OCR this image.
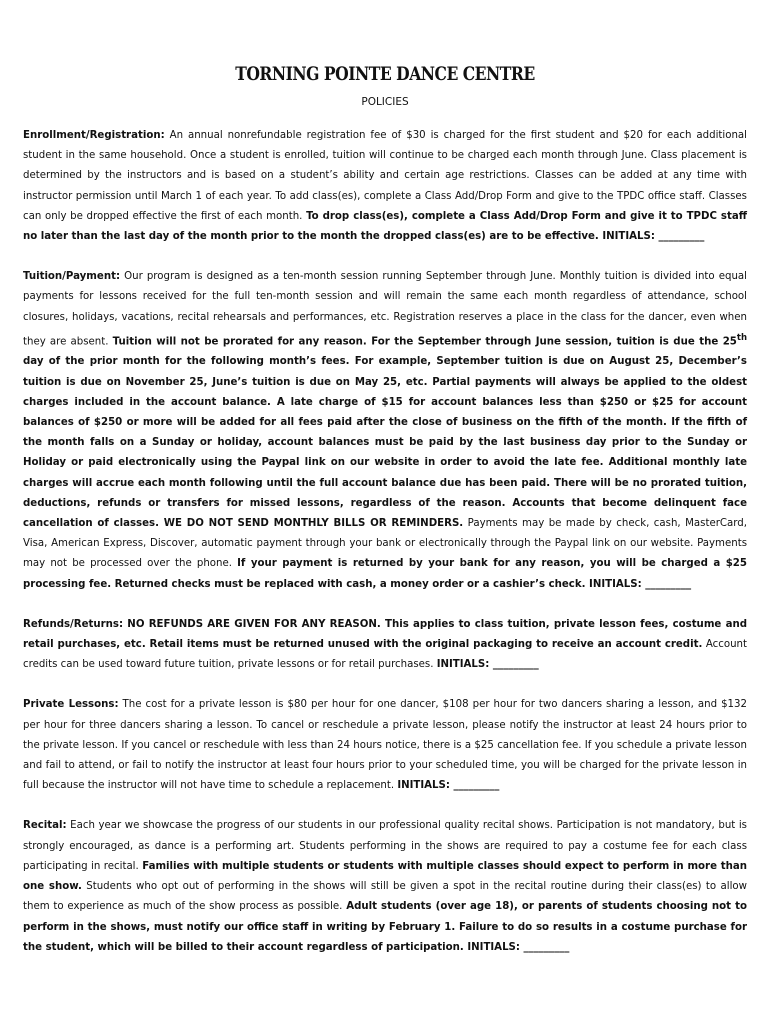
TORNING POINTE DANCE CENTRE
POLICIES

Enrollment/Registration: An annual nonrefundable registration fee of $30 is charged for the first student and $20 for each additional student in the same household. Once a student is enrolled, tuition will continue to be charged each month through June. Class placement is determined by the instructors and is based on a student’s ability and certain age restrictions. Classes can be added at any time with instructor permission until March 1 of each year. To add class(es), complete a Class Add/Drop Form and give to the TPDC office staff. Classes can only be dropped effective the first of each month. To drop class(es), complete a Class Add/Drop Form and give it to TPDC staff no later than the last day of the month prior to the month the dropped class(es) are to be effective. INITIALS: _________

Tuition/Payment: Our program is designed as a ten-month session running September through June. Monthly tuition is divided into equal payments for lessons received for the full ten-month session and will remain the same each month regardless of attendance, school closures, holidays, vacations, recital rehearsals and performances, etc. Registration reserves a place in the class for the dancer, even when they are absent. Tuition will not be prorated for any reason. For the September through June session, tuition is due the 25th day of the prior month for the following month’s fees. For example, September tuition is due on August 25, December’s tuition is due on November 25, June’s tuition is due on May 25, etc. Partial payments will always be applied to the oldest charges included in the account balance. A late charge of $15 for account balances less than $250 or $25 for account balances of $250 or more will be added for all fees paid after the close of business on the fifth of the month. If the fifth of the month falls on a Sunday or holiday, account balances must be paid by the last business day prior to the Sunday or Holiday or paid electronically using the Paypal link on our website in order to avoid the late fee. Additional monthly late charges will accrue each month following until the full account balance due has been paid. There will be no prorated tuition, deductions, refunds or transfers for missed lessons, regardless of the reason. Accounts that become delinquent face cancellation of classes. WE DO NOT SEND MONTHLY BILLS OR REMINDERS. Payments may be made by check, cash, MasterCard, Visa, American Express, Discover, automatic payment through your bank or electronically through the Paypal link on our website. Payments may not be processed over the phone. If your payment is returned by your bank for any reason, you will be charged a $25 processing fee. Returned checks must be replaced with cash, a money order or a cashier’s check. INITIALS: _________

Refunds/Returns: NO REFUNDS ARE GIVEN FOR ANY REASON. This applies to class tuition, private lesson fees, costume and retail purchases, etc. Retail items must be returned unused with the original packaging to receive an account credit. Account credits can be used toward future tuition, private lessons or for retail purchases. INITIALS: _________

Private Lessons: The cost for a private lesson is $80 per hour for one dancer, $108 per hour for two dancers sharing a lesson, and $132 per hour for three dancers sharing a lesson. To cancel or reschedule a private lesson, please notify the instructor at least 24 hours prior to the private lesson. If you cancel or reschedule with less than 24 hours notice, there is a $25 cancellation fee. If you schedule a private lesson and fail to attend, or fail to notify the instructor at least four hours prior to your scheduled time, you will be charged for the private lesson in full because the instructor will not have time to schedule a replacement. INITIALS: _________

Recital: Each year we showcase the progress of our students in our professional quality recital shows. Participation is not mandatory, but is strongly encouraged, as dance is a performing art. Students performing in the shows are required to pay a costume fee for each class participating in recital. Families with multiple students or students with multiple classes should expect to perform in more than one show. Students who opt out of performing in the shows will still be given a spot in the recital routine during their class(es) to allow them to experience as much of the show process as possible. Adult students (over age 18), or parents of students choosing not to perform in the shows, must notify our office staff in writing by February 1. Failure to do so results in a costume purchase for the student, which will be billed to their account regardless of participation. INITIALS: _________
